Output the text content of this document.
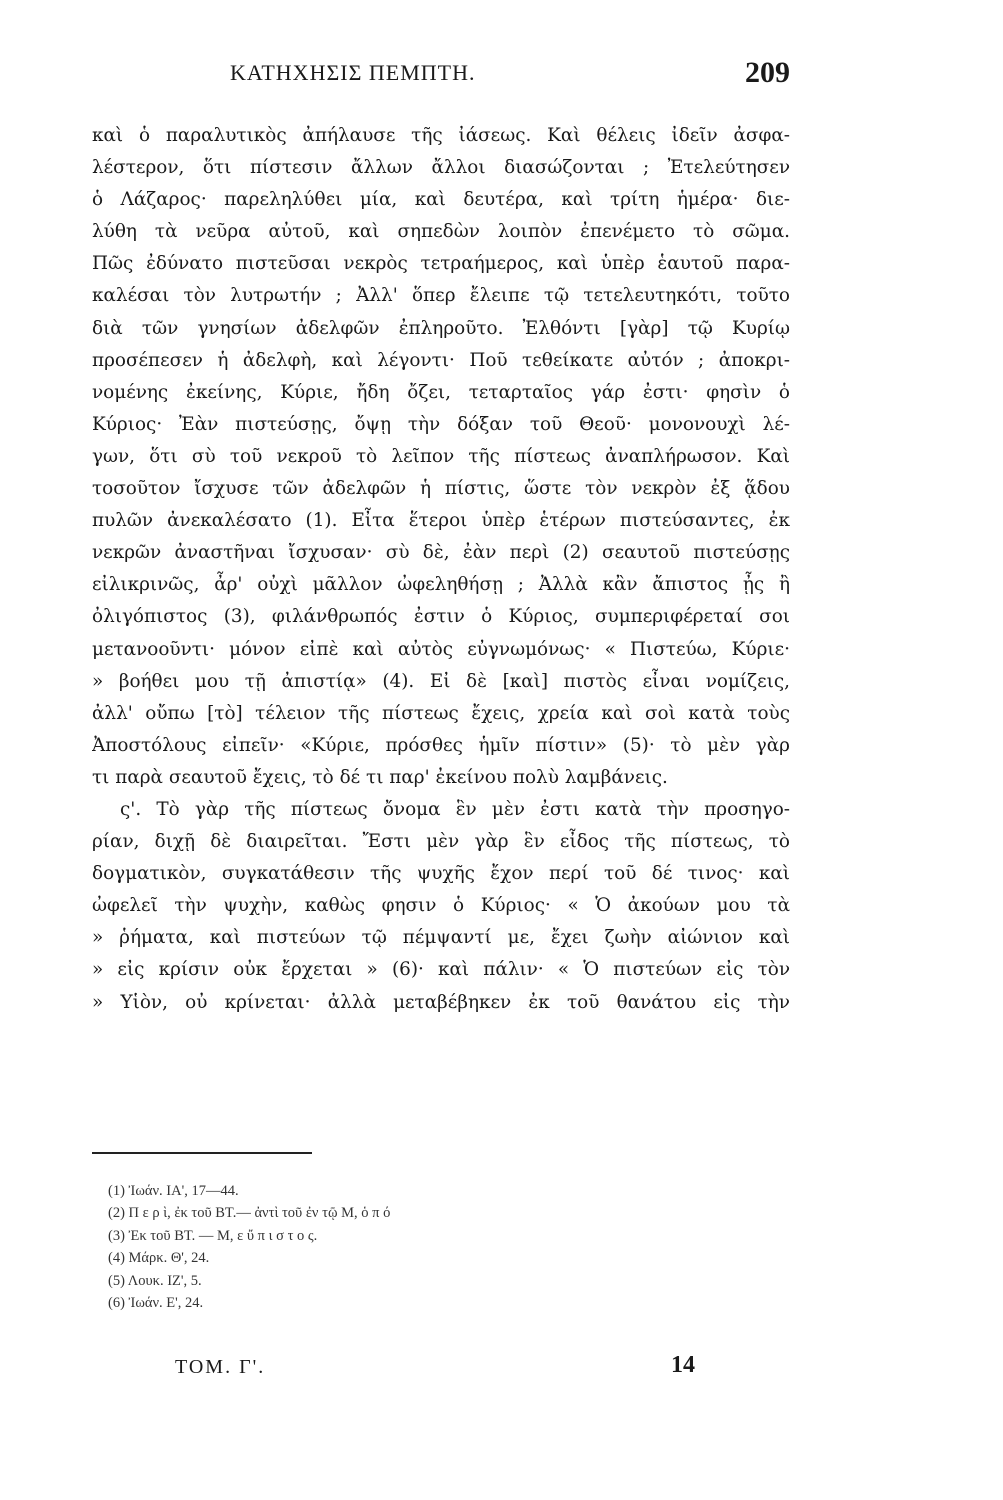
ΚΑΤΗΧΗΣΙΣ ΠΕΜΠΤΗ.	209
καὶ ὁ παραλυτικὸς ἀπήλαυσε τῆς ἰάσεως. Καὶ θέλεις ἰδεῖν ἀσφα-
λέστερον, ὅτι πίστεσιν ἄλλων ἄλλοι διασώζονται ; Ἐτελεύτησεν
ὁ Λάζαρος· παρεληλύθει μία, καὶ δευτέρα, καὶ τρίτη ἡμέρα· διε-
λύθη τὰ νεῦρα αὐτοῦ, καὶ σηπεδὼν λοιπὸν ἐπενέμετο τὸ σῶμα.
Πῶς ἐδύνατο πιστεῦσαι νεκρὸς τετραήμερος, καὶ ὑπὲρ ἑαυτοῦ παρα-
καλέσαι τὸν λυτρωτήν ; Ἀλλ' ὅπερ ἔλειπε τῷ τετελευτηκότι, τοῦτο
διὰ τῶν γνησίων ἀδελφῶν ἐπληροῦτο. Ἐλθόντι [γὰρ] τῷ Κυρίῳ
προσέπεσεν ἡ ἀδελφὴ, καὶ λέγοντι· Ποῦ τεθείκατε αὐτόν ; ἀποκρι-
νομένης ἐκείνης, Κύριε, ἤδη ὄζει, τεταρταῖος γάρ ἐστι· φησὶν ὁ
Κύριος· Ἐὰν πιστεύσῃς, ὄψῃ τὴν δόξαν τοῦ Θεοῦ· μονονουχὶ λέ-
γων, ὅτι σὺ τοῦ νεκροῦ τὸ λεῖπον τῆς πίστεως ἀναπλήρωσον. Καὶ
τοσοῦτον ἴσχυσε τῶν ἀδελφῶν ἡ πίστις, ὥστε τὸν νεκρὸν ἐξ ᾅδου
πυλῶν ἀνεκαλέσατο (1). Εἶτα ἕτεροι ὑπὲρ ἑτέρων πιστεύσαντες, ἐκ
νεκρῶν ἀναστῆναι ἴσχυσαν· σὺ δὲ, ἐὰν περὶ (2) σεαυτοῦ πιστεύσῃς
εἰλικρινῶς, ἆρ' οὐχὶ μᾶλλον ὠφεληθήσῃ ; Ἀλλὰ κἂν ἄπιστος ᾖς ἢ
ὀλιγόπιστος (3), φιλάνθρωπός ἐστιν ὁ Κύριος, συμπεριφέρεταί σοι
μετανοοῦντι· μόνον εἰπὲ καὶ αὐτὸς εὐγνωμόνως· « Πιστεύω, Κύριε·
» βοήθει μου τῇ ἀπιστίᾳ» (4). Εἰ δὲ [καὶ] πιστὸς εἶναι νομίζεις,
ἀλλ' οὔπω [τὸ] τέλειον τῆς πίστεως ἔχεις, χρεία καὶ σοὶ κατὰ τοὺς
Ἀποστόλους εἰπεῖν· «Κύριε, πρόσθες ἡμῖν πίστιν» (5)· τὸ μὲν γὰρ
τι παρὰ σεαυτοῦ ἔχεις, τὸ δέ τι παρ' ἐκείνου πολὺ λαμβάνεις.
ς'. Τὸ γὰρ τῆς πίστεως ὄνομα ἓν μὲν ἐστι κατὰ τὴν προσηγο-
ρίαν, διχῇ δὲ διαιρεῖται. Ἔστι μὲν γὰρ ἓν εἶδος τῆς πίστεως, τὸ
δογματικὸν, συγκατάθεσιν τῆς ψυχῆς ἔχον περί τοῦ δέ τινος· καὶ
ὠφελεῖ τὴν ψυχὴν, καθὼς φησιν ὁ Κύριος· « Ὁ ἀκούων μου τὰ
» ῥήματα, καὶ πιστεύων τῷ πέμψαντί με, ἔχει ζωὴν αἰώνιον καὶ
» εἰς κρίσιν οὐκ ἔρχεται » (6)· καὶ πάλιν· « Ὁ πιστεύων εἰς τὸν
» Υἱὸν, οὐ κρίνεται· ἀλλὰ μεταβέβηκεν ἐκ τοῦ θανάτου εἰς τὴν
(1) Ἰωάν. ΙΑ', 17—44.
(2) Π ε ρ ὶ, ἐκ τοῦ ΒΤ.— ἀντὶ τοῦ ἐν τῷ Μ, ὁ π ό
(3) Ἐκ τοῦ ΒΤ. — Μ, ε ὔ π ι σ τ ο ς.
(4) Μάρκ. Θ', 24.
(5) Λουκ. ΙΖ', 5.
(6) Ἰωάν. Ε', 24.
ΤΟΜ. Γ'.	14
